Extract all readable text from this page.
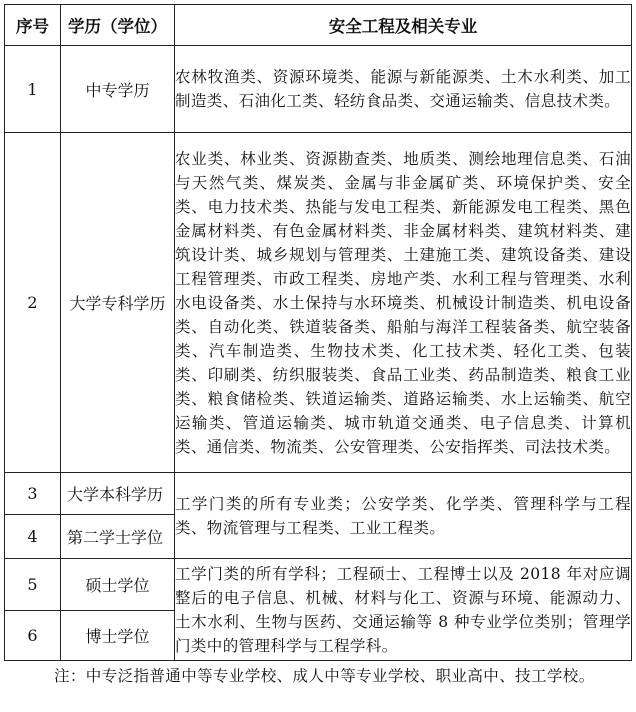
序号	学历（学位）	安全工程及相关专业
1	中专学历	农林牧渔类、资源环境类、能源与新能源类、土木水利类、加工制造类、石油化工类、轻纺食品类、交通运输类、信息技术类。
2	大学专科学历	农业类、林业类、资源勘查类、地质类、测绘地理信息类、石油与天然气类、煤炭类、金属与非金属矿类、环境保护类、安全类、电力技术类、热能与发电工程类、新能源发电工程类、黑色金属材料类、有色金属材料类、非金属材料类、建筑材料类、建筑设计类、城乡规划与管理类、土建施工类、建筑设备类、建设工程管理类、市政工程类、房地产类、水利工程与管理类、水利水电设备类、水土保持与水环境类、机械设计制造类、机电设备类、自动化类、铁道装备类、船舶与海洋工程装备类、航空装备类、汽车制造类、生物技术类、化工技术类、轻化工类、包装类、印刷类、纺织服装类、食品工业类、药品制造类、粮食工业类、粮食储检类、铁道运输类、道路运输类、水上运输类、航空运输类、管道运输类、城市轨道交通类、电子信息类、计算机类、通信类、物流类、公安管理类、公安指挥类、司法技术类。
3	大学本科学历	工学门类的所有专业类；公安学类、化学类、管理科学与工程类、物流管理与工程类、工业工程类。
4	第二学士学位	
5	硕士学位	工学门类的所有学科；工程硕士、工程博士以及 2018 年对应调整后的电子信息、机械、材料与化工、资源与环境、能源动力、土木水利、生物与医药、交通运输等 8 种专业学位类别；管理学门类中的管理科学与工程学科。
6	博士学位	
注：中专泛指普通中等专业学校、成人中等专业学校、职业高中、技工学校。
